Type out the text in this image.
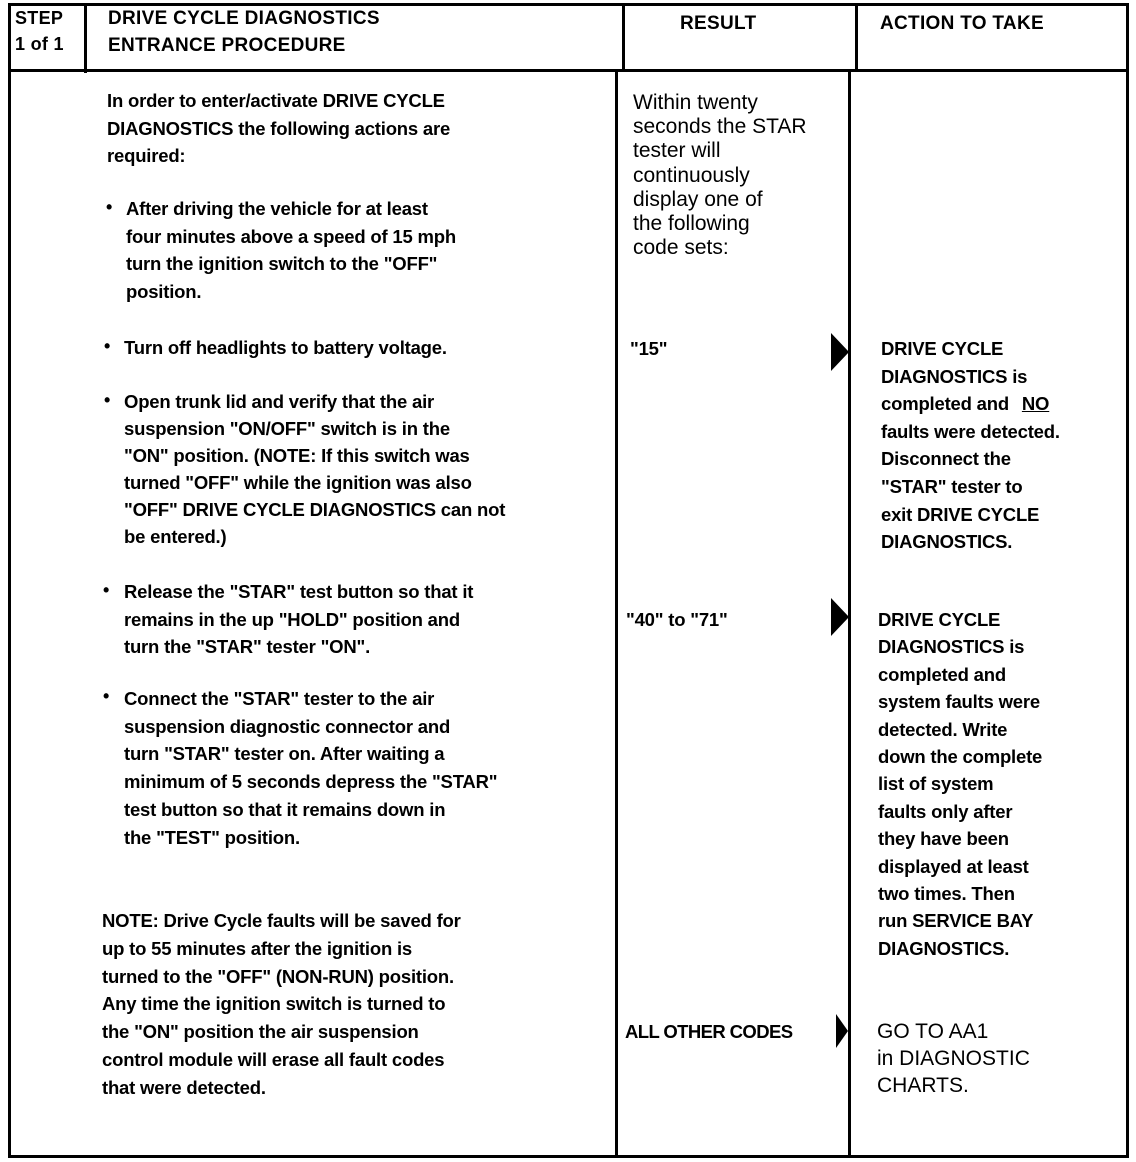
STEP
1 of 1
DRIVE CYCLE DIAGNOSTICS
ENTRANCE PROCEDURE
RESULT	ACTION TO TAKE
In order to enter/activate DRIVE CYCLE
DIAGNOSTICS the following actions are
required:
• After driving the vehicle for at least
four minutes above a speed of 15 mph
turn the ignition switch to the "OFF"
position.
• Turn off headlights to battery voltage.
• Open trunk lid and verify that the air
suspension "ON/OFF" switch is in the
"ON" position. (NOTE: If this switch was
turned "OFF" while the ignition was also
"OFF" DRIVE CYCLE DIAGNOSTICS can not
be entered.)
• Release the "STAR" test button so that it
remains in the up "HOLD" position and
turn the "STAR" tester "ON".
• Connect the "STAR" tester to the air
suspension diagnostic connector and
turn "STAR" tester on. After waiting a
minimum of 5 seconds depress the "STAR"
test button so that it remains down in
the "TEST" position.
NOTE: Drive Cycle faults will be saved for
up to 55 minutes after the ignition is
turned to the "OFF" (NON-RUN) position.
Any time the ignition switch is turned to
the "ON" position the air suspension
control module will erase all fault codes
that were detected.
Within twenty
seconds the STAR
tester will
continuously
display one of
the following
code sets:
"15"
"40" to "71"
ALL OTHER CODES
DRIVE CYCLE
DIAGNOSTICS is
completed and NO
faults were detected.
Disconnect the
"STAR" tester to
exit DRIVE CYCLE
DIAGNOSTICS.
DRIVE CYCLE
DIAGNOSTICS is
completed and
system faults were
detected. Write
down the complete
list of system
faults only after
they have been
displayed at least
two times. Then
run SERVICE BAY
DIAGNOSTICS.
GO TO AA1
in DIAGNOSTIC
CHARTS.
